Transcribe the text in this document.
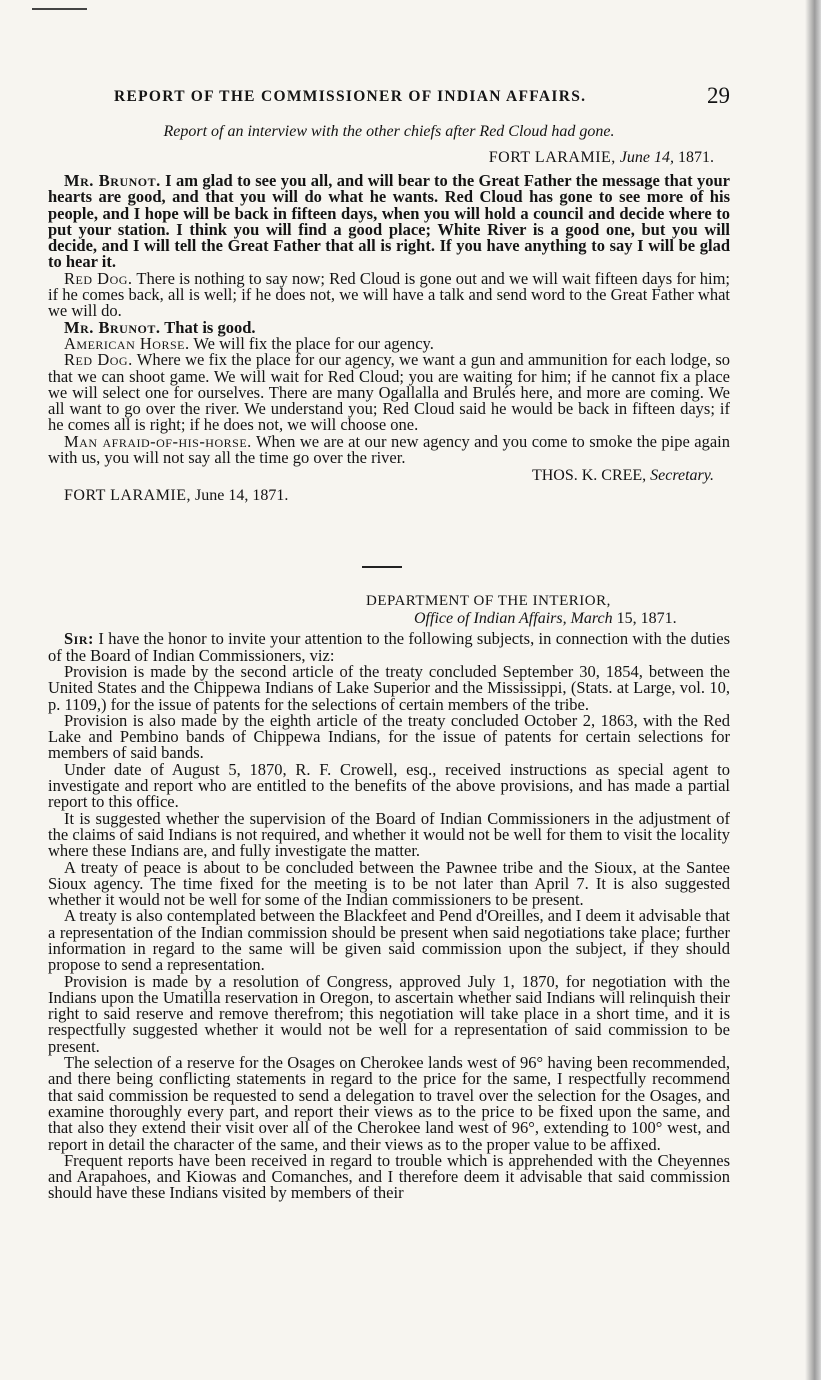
REPORT OF THE COMMISSIONER OF INDIAN AFFAIRS.	29
Report of an interview with the other chiefs after Red Cloud had gone.
FORT LARAMIE, June 14, 1871.

Mr. Brunot. I am glad to see you all, and will bear to the Great Father the message that your hearts are good, and that you will do what he wants. Red Cloud has gone to see more of his people, and I hope will be back in fifteen days, when you will hold a council and decide where to put your station. I think you will find a good place; White River is a good one, but you will decide, and I will tell the Great Father that all is right. If you have anything to say I will be glad to hear it.

Red Dog. There is nothing to say now; Red Cloud is gone out and we will wait fifteen days for him; if he comes back, all is well; if he does not, we will have a talk and send word to the Great Father what we will do.

Mr. Brunot. That is good.

American Horse. We will fix the place for our agency.

Red Dog. Where we fix the place for our agency, we want a gun and ammunition for each lodge, so that we can shoot game. We will wait for Red Cloud; you are waiting for him; if he cannot fix a place we will select one for ourselves. There are many Ogallalla and Brulés here, and more are coming. We all want to go over the river. We understand you; Red Cloud said he would be back in fifteen days; if he comes all is right; if he does not, we will choose one.

Man afraid-of-his-horse. When we are at our new agency and you come to smoke the pipe again with us, you will not say all the time go over the river.

THOS. K. CREE, Secretary.
FORT LARAMIE, June 14, 1871.
DEPARTMENT OF THE INTERIOR,
Office of Indian Affairs, March 15, 1871.

Sir: I have the honor to invite your attention to the following subjects, in connection with the duties of the Board of Indian Commissioners, viz:

Provision is made by the second article of the treaty concluded September 30, 1854, between the United States and the Chippewa Indians of Lake Superior and the Mississippi, (Stats. at Large, vol. 10, p. 1109,) for the issue of patents for the selections of certain members of the tribe.

Provision is also made by the eighth article of the treaty concluded October 2, 1863, with the Red Lake and Pembino bands of Chippewa Indians, for the issue of patents for certain selections for members of said bands.

Under date of August 5, 1870, R. F. Crowell, esq., received instructions as special agent to investigate and report who are entitled to the benefits of the above provisions, and has made a partial report to this office.

It is suggested whether the supervision of the Board of Indian Commissioners in the adjustment of the claims of said Indians is not required, and whether it would not be well for them to visit the locality where these Indians are, and fully investigate the matter.

A treaty of peace is about to be concluded between the Pawnee tribe and the Sioux, at the Santee Sioux agency. The time fixed for the meeting is to be not later than April 7. It is also suggested whether it would not be well for some of the Indian commissioners to be present.

A treaty is also contemplated between the Blackfeet and Pend d'Oreilles, and I deem it advisable that a representation of the Indian commission should be present when said negotiations take place; further information in regard to the same will be given said commission upon the subject, if they should propose to send a representation.

Provision is made by a resolution of Congress, approved July 1, 1870, for negotiation with the Indians upon the Umatilla reservation in Oregon, to ascertain whether said Indians will relinquish their right to said reserve and remove therefrom; this negotiation will take place in a short time, and it is respectfully suggested whether it would not be well for a representation of said commission to be present.

The selection of a reserve for the Osages on Cherokee lands west of 96° having been recommended, and there being conflicting statements in regard to the price for the same, I respectfully recommend that said commission be requested to send a delegation to travel over the selection for the Osages, and examine thoroughly every part, and report their views as to the price to be fixed upon the same, and that also they extend their visit over all of the Cherokee land west of 96°, extending to 100° west, and report in detail the character of the same, and their views as to the proper value to be affixed.

Frequent reports have been received in regard to trouble which is apprehended with the Cheyennes and Arapahoes, and Kiowas and Comanches, and I therefore deem it advisable that said commission should have these Indians visited by members of their
